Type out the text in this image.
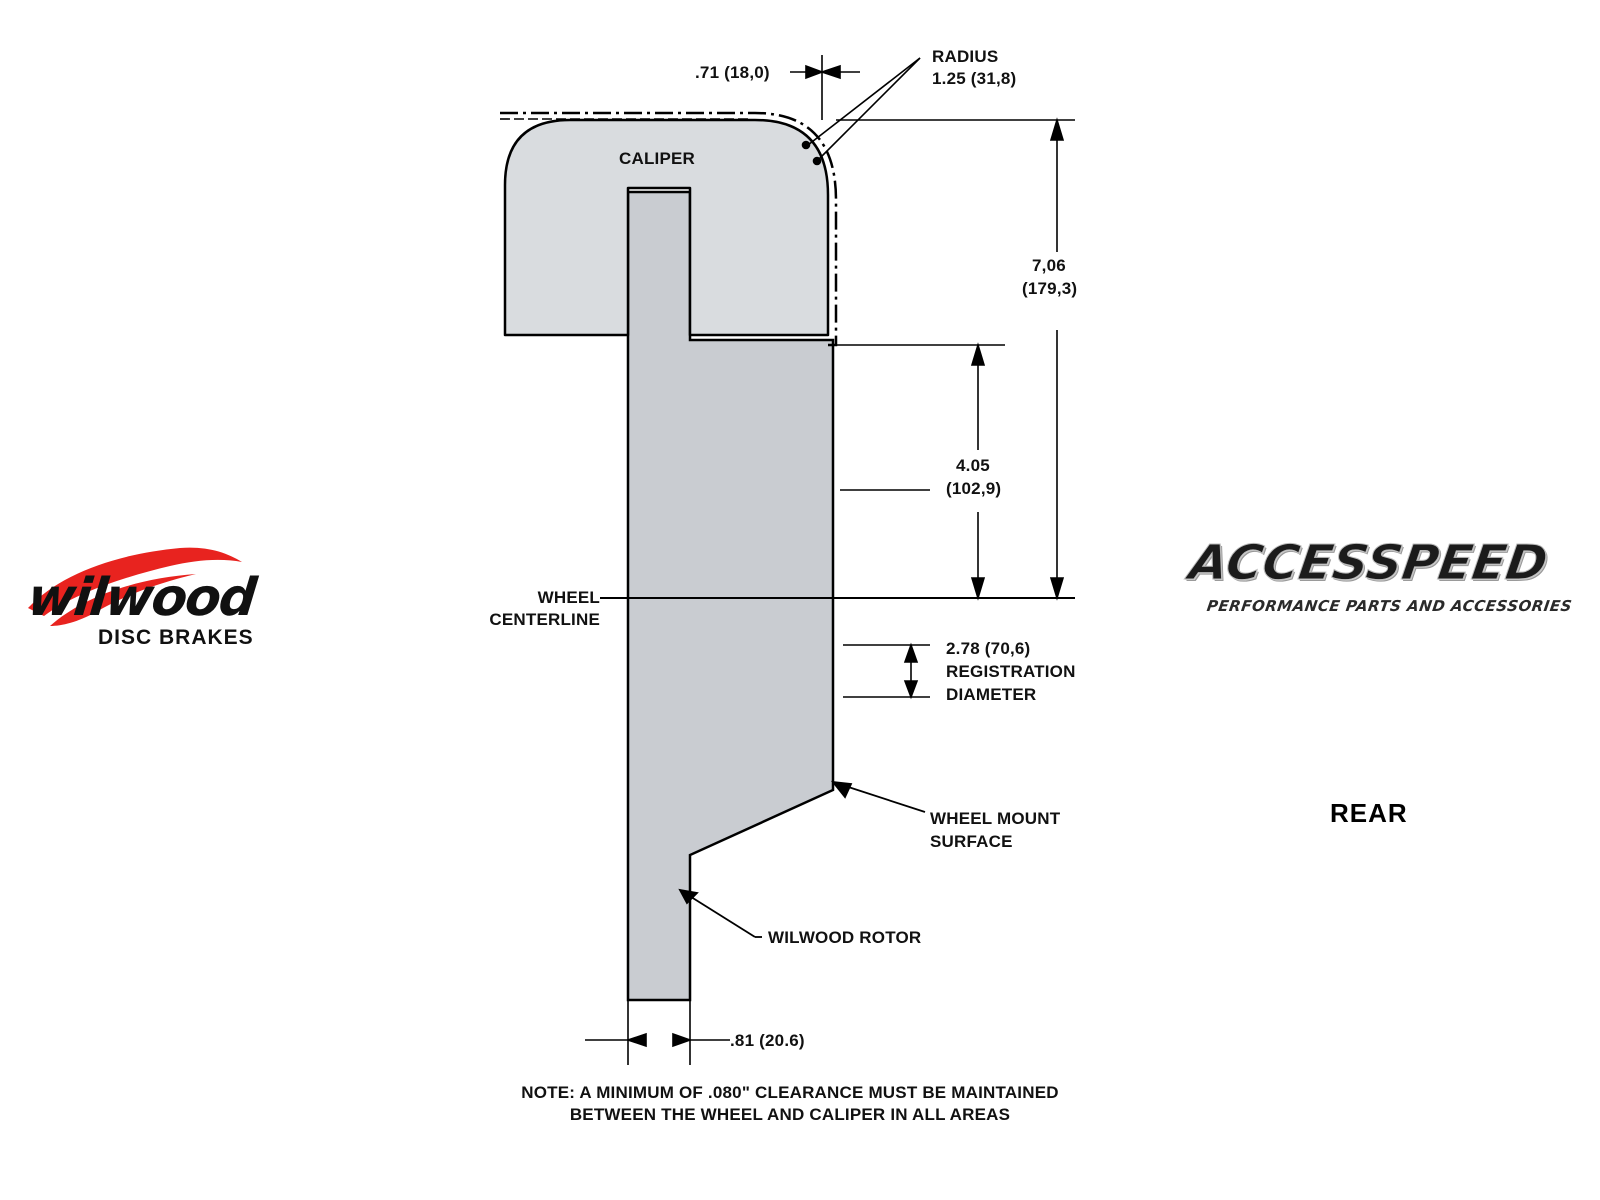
.71 (18,0)
RADIUS
1.25 (31,8)
CALIPER
7,06
(179,3)
4.05
(102,9)
WHEEL
CENTERLINE
2.78 (70,6)
REGISTRATION
DIAMETER
WHEEL MOUNT
SURFACE
WILWOOD ROTOR
.81 (20.6)
NOTE: A MINIMUM OF .080" CLEARANCE MUST BE MAINTAINED
BETWEEN THE WHEEL AND CALIPER IN ALL AREAS
wilwood
DISC BRAKES
ACCESSPEED
PERFORMANCE PARTS AND ACCESSORIES
REAR
